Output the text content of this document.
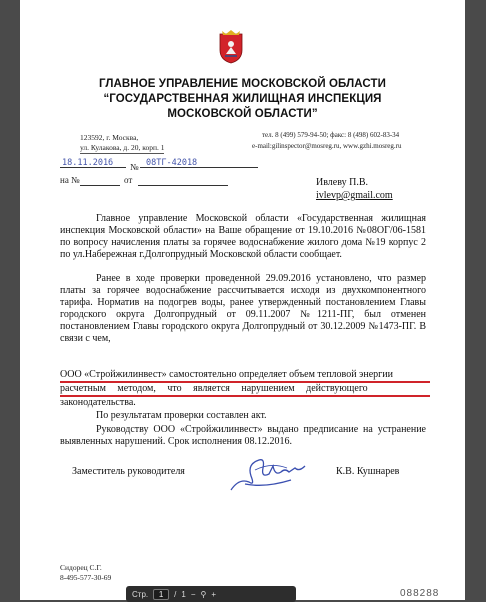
ГЛАВНОЕ УПРАВЛЕНИЕ МОСКОВСКОЙ ОБЛАСТИ
“ГОСУДАРСТВЕННАЯ ЖИЛИЩНАЯ ИНСПЕКЦИЯ
МОСКОВСКОЙ ОБЛАСТИ”
123592, г. Москва,
ул. Кулакова, д. 20, корп. 1
тел. 8 (499) 579-94-50; факс: 8 (498) 602-83-34
e-mail:gilinspector@mosreg.ru, www.gzhi.mosreg.ru
18.11.2016 № 08ТГ-42018
на №	от	Ивлеву П.В.
ivlevp@gmail.com
Главное управление Московской области «Государственная жилищная инспекция Московской области» на Ваше обращение от 19.10.2016 №08ОГ/06-1581 по вопросу начисления платы за горячее водоснабжение жилого дома №19 корпус 2 по ул.Набережная г.Долгопрудный Московской области сообщает.
Ранее в ходе проверки проведенной 29.09.2016 установлено, что размер платы за горячее водоснабжение рассчитывается исходя из двухкомпонентного тарифа. Норматив на подогрев воды, ранее утвержденный постановлением Главы городского округа Долгопрудный от 09.11.2007 №1211-ПГ, был отменен постановлением Главы городского округа Долгопрудный от 30.12.2009 №1473-ПГ. В связи с чем,
ООО «Стройжилинвест» самостоятельно определяет объем тепловой энергии
расчетным методом, что является нарушением действующего
законодательства.
По результатам проверки составлен акт.
Руководству ООО «Стройжилинвест» выдано предписание на устранение выявленных нарушений. Срок исполнения 08.12.2016.
Заместитель руководителя	К.В. Кушнарев
Сидорец С.Г.
8-495-577-30-69
088288
Стр.	1	/ 1 − ⚲ +
